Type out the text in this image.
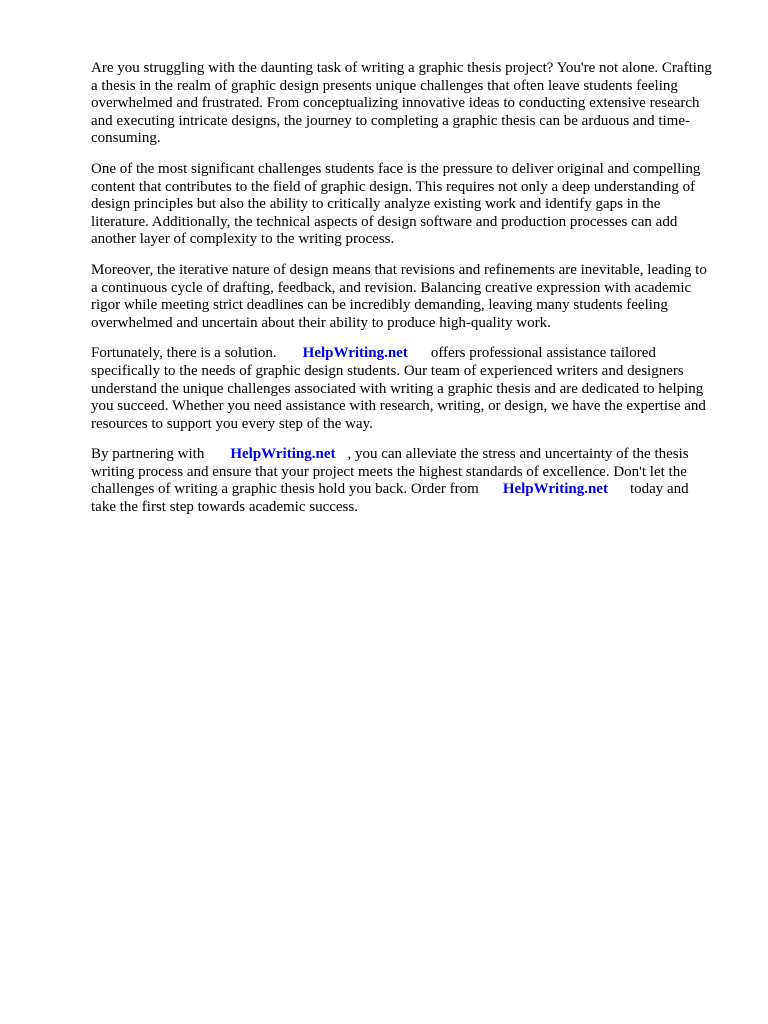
Are you struggling with the daunting task of writing a graphic thesis project? You're not alone. Crafting a thesis in the realm of graphic design presents unique challenges that often leave students feeling overwhelmed and frustrated. From conceptualizing innovative ideas to conducting extensive research and executing intricate designs, the journey to completing a graphic thesis can be arduous and time-consuming.

One of the most significant challenges students face is the pressure to deliver original and compelling content that contributes to the field of graphic design. This requires not only a deep understanding of design principles but also the ability to critically analyze existing work and identify gaps in the literature. Additionally, the technical aspects of design software and production processes can add another layer of complexity to the writing process.

Moreover, the iterative nature of design means that revisions and refinements are inevitable, leading to a continuous cycle of drafting, feedback, and revision. Balancing creative expression with academic rigor while meeting strict deadlines can be incredibly demanding, leaving many students feeling overwhelmed and uncertain about their ability to produce high-quality work.

Fortunately, there is a solution. HelpWriting.net offers professional assistance tailored specifically to the needs of graphic design students. Our team of experienced writers and designers understand the unique challenges associated with writing a graphic thesis and are dedicated to helping you succeed. Whether you need assistance with research, writing, or design, we have the expertise and resources to support you every step of the way.

By partnering with HelpWriting.net , you can alleviate the stress and uncertainty of the thesis writing process and ensure that your project meets the highest standards of excellence. Don't let the challenges of writing a graphic thesis hold you back. Order from HelpWriting.net today and take the first step towards academic success.
